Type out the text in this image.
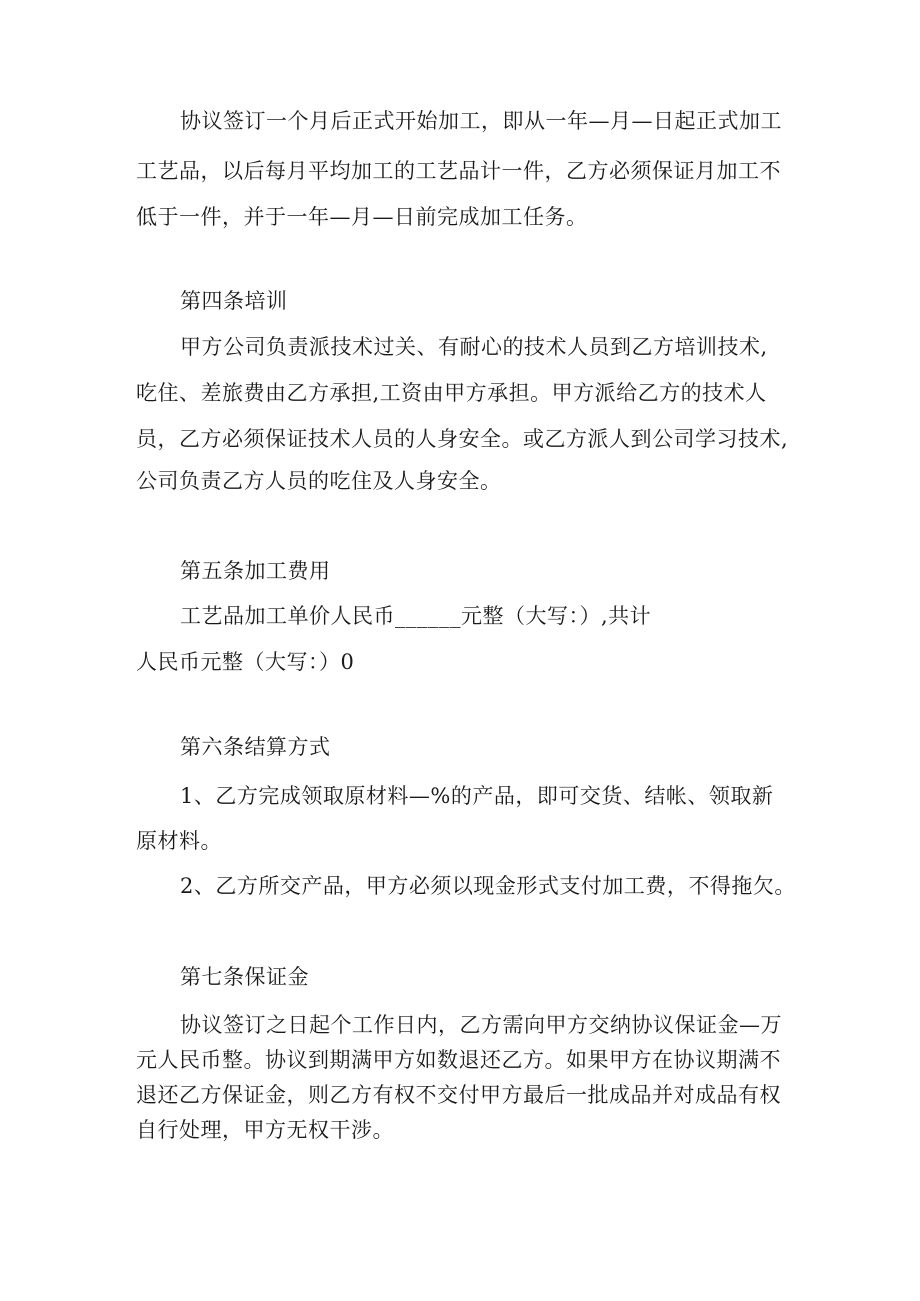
协议签订一个月后正式开始加工，即从一年—月—日起正式加工
工艺品，以后每月平均加工的工艺品计一件，乙方必须保证月加工不
低于一件，并于一年—月—日前完成加工任务。
第四条培训
甲方公司负责派技术过关、有耐心的技术人员到乙方培训技术,
吃住、差旅费由乙方承担,工资由甲方承担。甲方派给乙方的技术人
员，乙方必须保证技术人员的人身安全。或乙方派人到公司学习技术,
公司负责乙方人员的吃住及人身安全。
第五条加工费用
工艺品加工单价人民币______元整（大写：）,共计
人民币元整（大写：）0
第六条结算方式
1、乙方完成领取原材料—%的产品，即可交货、结帐、领取新
原材料。
2、乙方所交产品，甲方必须以现金形式支付加工费，不得拖欠。
第七条保证金
协议签订之日起个工作日内，乙方需向甲方交纳协议保证金—万
元人民币整。协议到期满甲方如数退还乙方。如果甲方在协议期满不
退还乙方保证金，则乙方有权不交付甲方最后一批成品并对成品有权
自行处理，甲方无权干涉。
